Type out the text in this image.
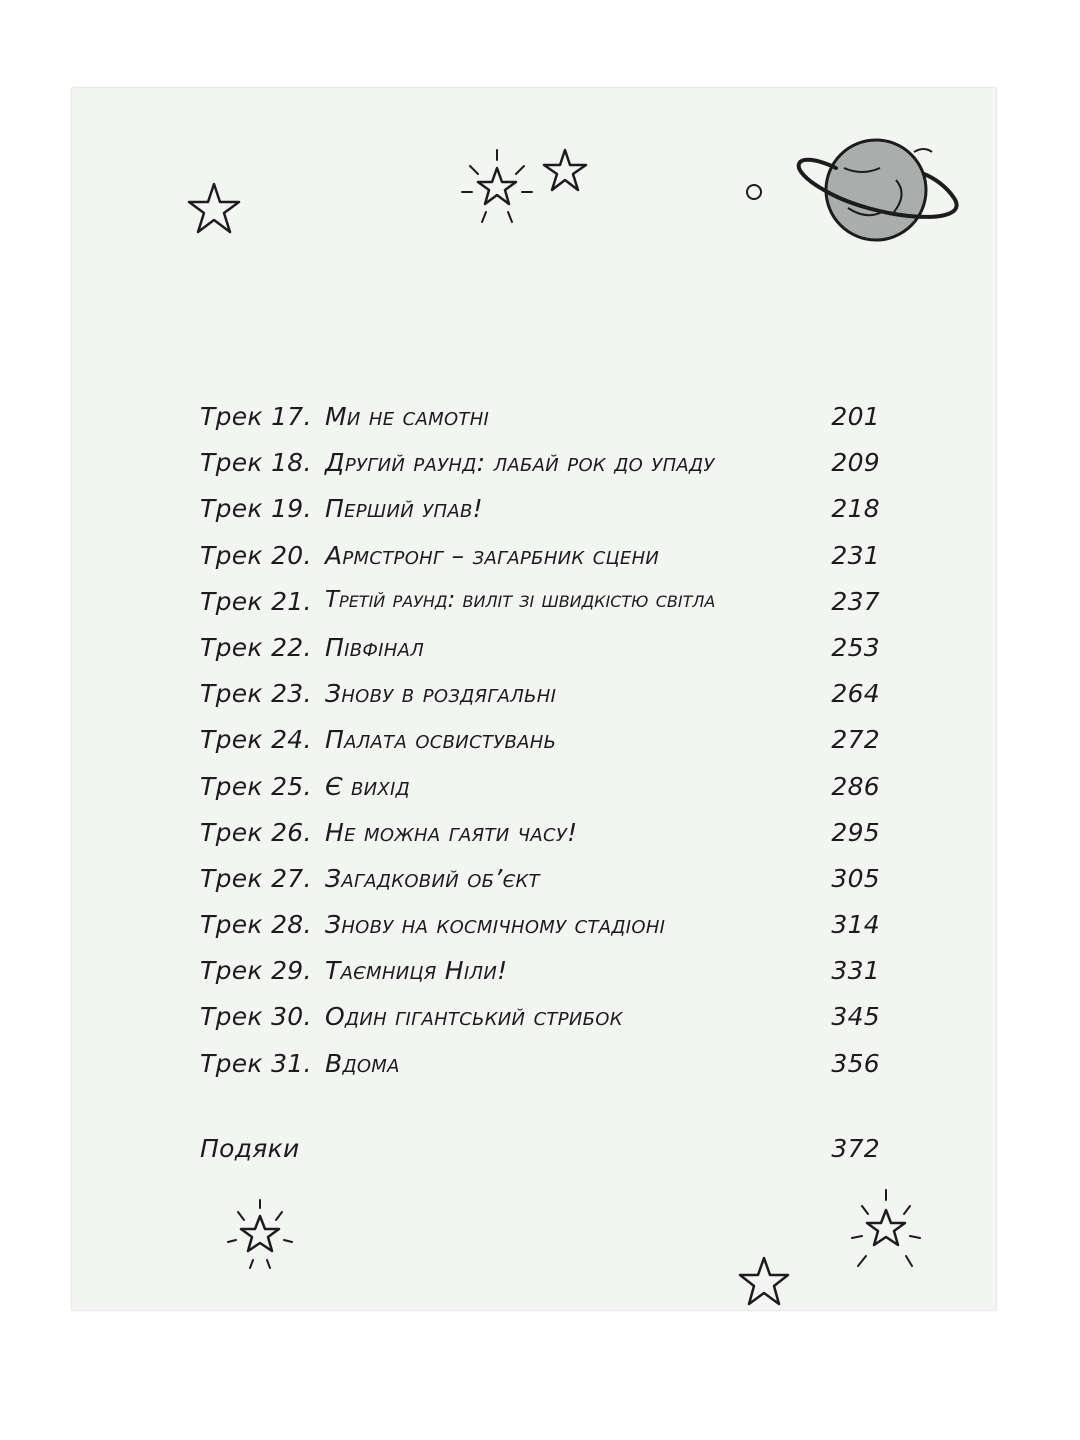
Трек 17. Ми не самотні	201
Трек 18. Другий раунд: лабай рок до упаду	209
Трек 19. Перший упав!	218
Трек 20. Армстронг – загарбник сцени	231
Трек 21. Третій раунд: виліт зі швидкістю світла	237
Трек 22. Півфінал	253
Трек 23. Знову в роздягальні	264
Трек 24. Палата освистувань	272
Трек 25. Є вихід	286
Трек 26. Не можна гаяти часу!	295
Трек 27. Загадковий об’єкт	305
Трек 28. Знову на космічному стадіоні	314
Трек 29. Таємниця Ніли!	331
Трек 30. Один гігантський стрибок	345
Трек 31. Вдома	356
Подяки	372
